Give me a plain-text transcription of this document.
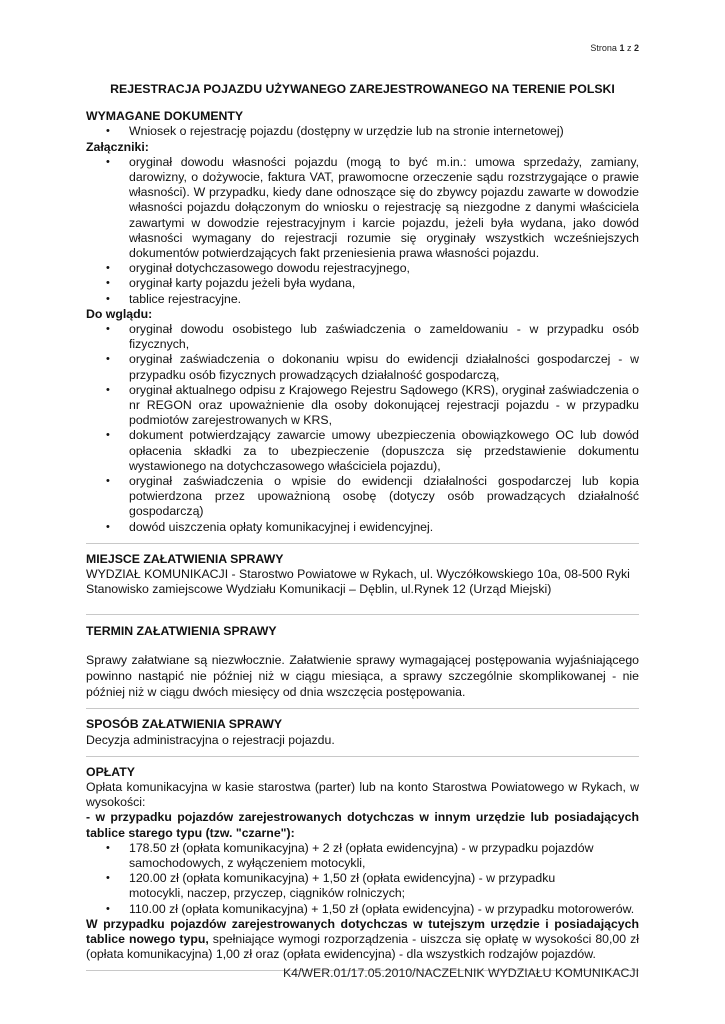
Strona 1 z 2
REJESTRACJA POJAZDU UŻYWANEGO ZAREJESTROWANEGO NA TERENIE POLSKI
WYMAGANE DOKUMENTY
• Wniosek o rejestrację pojazdu (dostępny w urzędzie lub na stronie internetowej)
Załączniki:
• oryginał dowodu własności pojazdu (mogą to być m.in.: umowa sprzedaży, zamiany, darowizny, o dożywocie, faktura VAT, prawomocne orzeczenie sądu rozstrzygające o prawie własności). W przypadku, kiedy dane odnoszące się do zbywcy pojazdu zawarte w dowodzie własności pojazdu dołączonym do wniosku o rejestrację są niezgodne z danymi właściciela zawartymi w dowodzie rejestracyjnym i karcie pojazdu, jeżeli była wydana, jako dowód własności wymagany do rejestracji rozumie się oryginały wszystkich wcześniejszych dokumentów potwierdzających fakt przeniesienia prawa własności pojazdu.
• oryginał dotychczasowego dowodu rejestracyjnego,
• oryginał karty pojazdu jeżeli była wydana,
• tablice rejestracyjne.
Do wglądu:
• oryginał dowodu osobistego lub zaświadczenia o zameldowaniu - w przypadku osób fizycznych,
• oryginał zaświadczenia o dokonaniu wpisu do ewidencji działalności gospodarczej - w przypadku osób fizycznych prowadzących działalność gospodarczą,
• oryginał aktualnego odpisu z Krajowego Rejestru Sądowego (KRS), oryginał zaświadczenia o nr REGON oraz upoważnienie dla osoby dokonującej rejestracji pojazdu - w przypadku podmiotów zarejestrowanych w KRS,
• dokument potwierdzający zawarcie umowy ubezpieczenia obowiązkowego OC lub dowód opłacenia składki za to ubezpieczenie (dopuszcza się przedstawienie dokumentu wystawionego na dotychczasowego właściciela pojazdu),
• oryginał zaświadczenia o wpisie do ewidencji działalności gospodarczej lub kopia potwierdzona przez upoważnioną osobę (dotyczy osób prowadzących działalność gospodarczą)
• dowód uiszczenia opłaty komunikacyjnej i ewidencyjnej.
MIEJSCE ZAŁATWIENIA SPRAWY
WYDZIAŁ KOMUNIKACJI - Starostwo Powiatowe w Rykach, ul. Wyczółkowskiego 10a, 08-500 Ryki
Stanowisko zamiejscowe Wydziału Komunikacji – Dęblin, ul.Rynek 12 (Urząd Miejski)
TERMIN ZAŁATWIENIA SPRAWY
Sprawy załatwiane są niezwłocznie. Załatwienie sprawy wymagającej postępowania wyjaśniającego powinno nastąpić nie później niż w ciągu miesiąca, a sprawy szczególnie skomplikowanej - nie później niż w ciągu dwóch miesięcy od dnia wszczęcia postępowania.
SPOSÓB ZAŁATWIENIA SPRAWY
Decyzja administracyjna o rejestracji pojazdu.
OPŁATY
Opłata komunikacyjna w kasie starostwa (parter) lub na konto Starostwa Powiatowego w Rykach, w wysokości:
- w przypadku pojazdów zarejestrowanych dotychczas w innym urzędzie lub posiadających tablice starego typu (tzw. "czarne"):
• 178.50 zł (opłata komunikacyjna) + 2 zł (opłata ewidencyjna) - w przypadku pojazdów samochodowych, z wyłączeniem motocykli,
• 120.00 zł (opłata komunikacyjna) + 1,50 zł (opłata ewidencyjna) - w przypadku motocykli, naczep, przyczep, ciągników rolniczych;
• 110.00 zł (opłata komunikacyjna) + 1,50 zł (opłata ewidencyjna) - w przypadku motorowerów.
W przypadku pojazdów zarejestrowanych dotychczas w tutejszym urzędzie i posiadających tablice nowego typu, spełniające wymogi rozporządzenia - uiszcza się opłatę w wysokości 80,00 zł (opłata komunikacyjna) 1,00 zł oraz (opłata ewidencyjna) - dla wszystkich rodzajów pojazdów.
K4/WER.01/17.05.2010/NACZELNIK WYDZIAŁU KOMUNIKACJI
